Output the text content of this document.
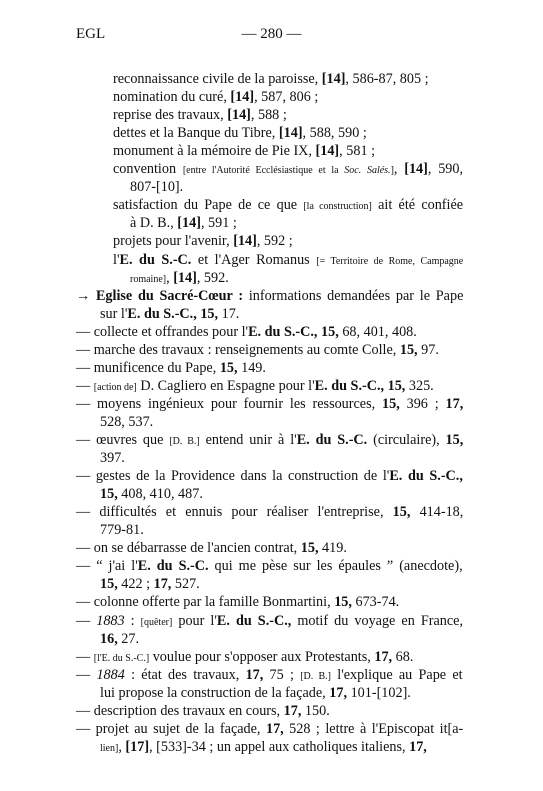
EGL	— 280 —
reconnaissance civile de la paroisse, [14], 586-87, 805 ;
nomination du curé, [14], 587, 806 ;
reprise des travaux, [14], 588 ;
dettes et la Banque du Tibre, [14], 588, 590 ;
monument à la mémoire de Pie IX, [14], 581 ;
convention [entre l'Autorité Ecclésiastique et la Soc. Salés.], [14], 590,
807-[10].
satisfaction du Pape de ce que [la construction] ait été confiée
à D. B., [14], 591 ;
projets pour l'avenir, [14], 592 ;
l'E. du S.-C. et l'Ager Romanus [= Territoire de Rome, Campagne
romaine], [14], 592.
→ Eglise du Sacré-Cœur : informations demandées par le Pape
sur l'E. du S.-C., 15, 17.
— collecte et offrandes pour l'E. du S.-C., 15, 68, 401, 408.
— marche des travaux : renseignements au comte Colle, 15, 97.
— munificence du Pape, 15, 149.
— [action de] D. Cagliero en Espagne pour l'E. du S.-C., 15, 325.
— moyens ingénieux pour fournir les ressources, 15, 396 ; 17,
528, 537.
— œuvres que [D. B.] entend unir à l'E. du S.-C. (circulaire), 15,
397.
— gestes de la Providence dans la construction de l'E. du S.-C.,
15, 408, 410, 487.
— difficultés et ennuis pour réaliser l'entreprise, 15, 414-18,
779-81.
— on se débarrasse de l'ancien contrat, 15, 419.
— “ j'ai l'E. du S.-C. qui me pèse sur les épaules ” (anecdote),
15, 422 ; 17, 527.
— colonne offerte par la famille Bonmartini, 15, 673-74.
— 1883 : [quêter] pour l'E. du S.-C., motif du voyage en France,
16, 27.
— [l'E. du S.-C.] voulue pour s'opposer aux Protestants, 17, 68.
— 1884 : état des travaux, 17, 75 ; [D. B.] l'explique au Pape et
lui propose la construction de la façade, 17, 101-[102].
— description des travaux en cours, 17, 150.
— projet au sujet de la façade, 17, 528 ; lettre à l'Episcopat it[a-
lien], [17], [533]-34 ; un appel aux catholiques italiens, 17,
